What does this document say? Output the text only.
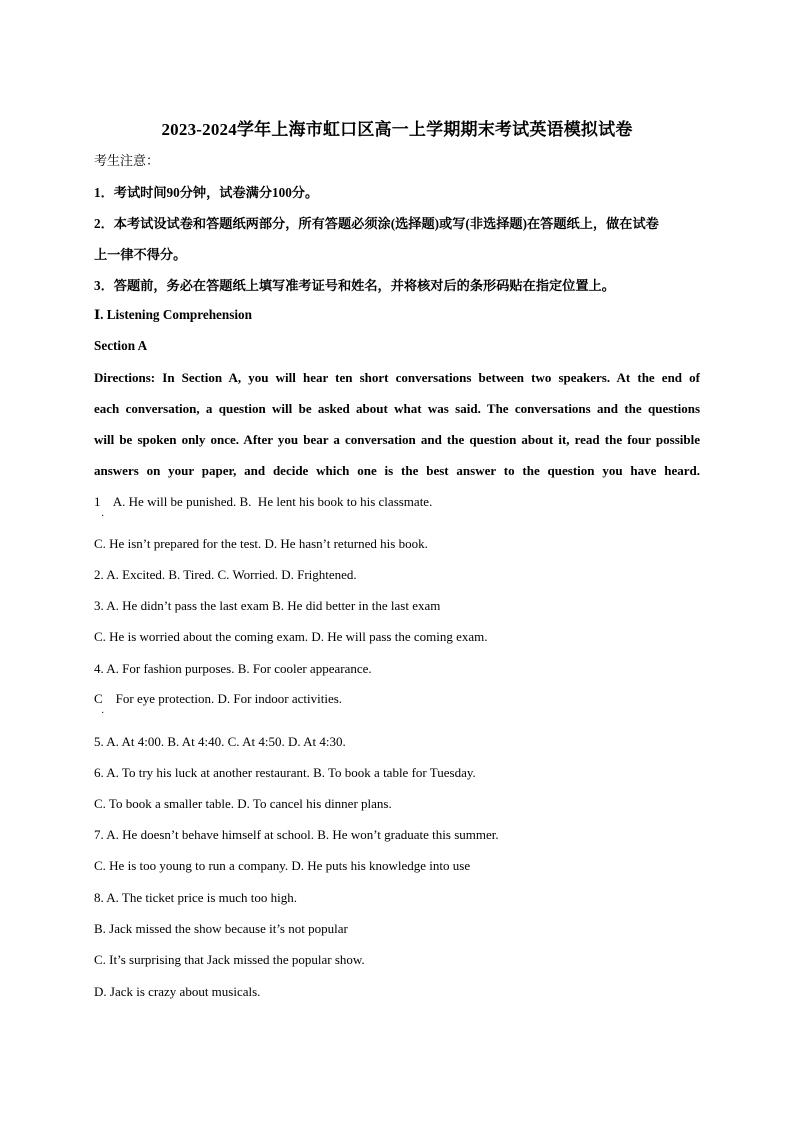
2023-2024学年上海市虹口区高一上学期期末考试英语模拟试卷
考生注意：
1．考试时间90分钟，试卷满分100分。
2．本考试设试卷和答题纸两部分，所有答题必须涂(选择题)或写(非选择题)在答题纸上，做在试卷
上一律不得分。
3．答题前，务必在答题纸上填写准考证号和姓名，并将核对后的条形码贴在指定位置上。
Ⅰ. Listening Comprehension
Section A
Directions: In Section A, you will hear ten short conversations between two speakers. At the end of
each conversation, a question will be asked about what was said. The conversations and the questions
will be spoken only once. After you bear a conversation and the question about it, read the four possible
answers on your paper, and decide which one is the best answer to the question you have heard.
1    A. He will be punished. B.  He lent his book to his classmate.
·
C. He isn’t prepared for the test. D. He hasn’t returned his book.
2. A. Excited. B. Tired. C. Worried. D. Frightened.
3. A. He didn’t pass the last exam B. He did better in the last exam
C. He is worried about the coming exam. D. He will pass the coming exam.
4. A. For fashion purposes. B. For cooler appearance.
C    For eye protection. D. For indoor activities.
·
5. A. At 4:00. B. At 4:40. C. At 4:50. D. At 4:30.
6. A. To try his luck at another restaurant. B. To book a table for Tuesday.
C. To book a smaller table. D. To cancel his dinner plans.
7. A. He doesn’t behave himself at school. B. He won’t graduate this summer.
C. He is too young to run a company. D. He puts his knowledge into use
8. A. The ticket price is much too high.
B. Jack missed the show because it’s not popular
C. It’s surprising that Jack missed the popular show.
D. Jack is crazy about musicals.
